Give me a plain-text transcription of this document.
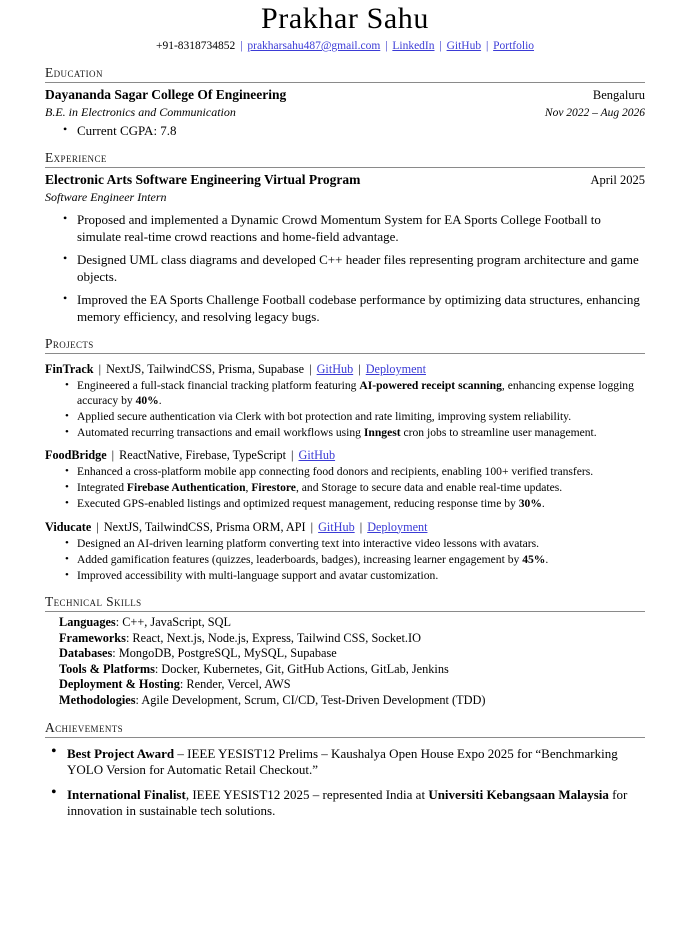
Prakhar Sahu
+91-8318734852 | prakharsahu487@gmail.com | LinkedIn | GitHub | Portfolio
Education
Dayananda Sagar College Of Engineering	Bengaluru
B.E. in Electronics and Communication	Nov 2022 – Aug 2026
• Current CGPA: 7.8
Experience
Electronic Arts Software Engineering Virtual Program	April 2025
Software Engineer Intern
• Proposed and implemented a Dynamic Crowd Momentum System for EA Sports College Football to simulate real-time crowd reactions and home-field advantage.
• Designed UML class diagrams and developed C++ header files representing program architecture and game objects.
• Improved the EA Sports Challenge Football codebase performance by optimizing data structures, enhancing memory efficiency, and resolving legacy bugs.
Projects
FinTrack | NextJS, TailwindCSS, Prisma, Supabase | GitHub | Deployment
• Engineered a full-stack financial tracking platform featuring AI-powered receipt scanning, enhancing expense logging accuracy by 40%.
• Applied secure authentication via Clerk with bot protection and rate limiting, improving system reliability.
• Automated recurring transactions and email workflows using Inngest cron jobs to streamline user management.
FoodBridge | ReactNative, Firebase, TypeScript | GitHub
• Enhanced a cross-platform mobile app connecting food donors and recipients, enabling 100+ verified transfers.
• Integrated Firebase Authentication, Firestore, and Storage to secure data and enable real-time updates.
• Executed GPS-enabled listings and optimized request management, reducing response time by 30%.
Viducate | NextJS, TailwindCSS, Prisma ORM, API | GitHub | Deployment
• Designed an AI-driven learning platform converting text into interactive video lessons with avatars.
• Added gamification features (quizzes, leaderboards, badges), increasing learner engagement by 45%.
• Improved accessibility with multi-language support and avatar customization.
Technical Skills
Languages: C++, JavaScript, SQL
Frameworks: React, Next.js, Node.js, Express, Tailwind CSS, Socket.IO
Databases: MongoDB, PostgreSQL, MySQL, Supabase
Tools & Platforms: Docker, Kubernetes, Git, GitHub Actions, GitLab, Jenkins
Deployment & Hosting: Render, Vercel, AWS
Methodologies: Agile Development, Scrum, CI/CD, Test-Driven Development (TDD)
Achievements
• Best Project Award – IEEE YESIST12 Prelims – Kaushalya Open House Expo 2025 for “Benchmarking YOLO Version for Automatic Retail Checkout.”
• International Finalist, IEEE YESIST12 2025 – represented India at Universiti Kebangsaan Malaysia for innovation in sustainable tech solutions.
